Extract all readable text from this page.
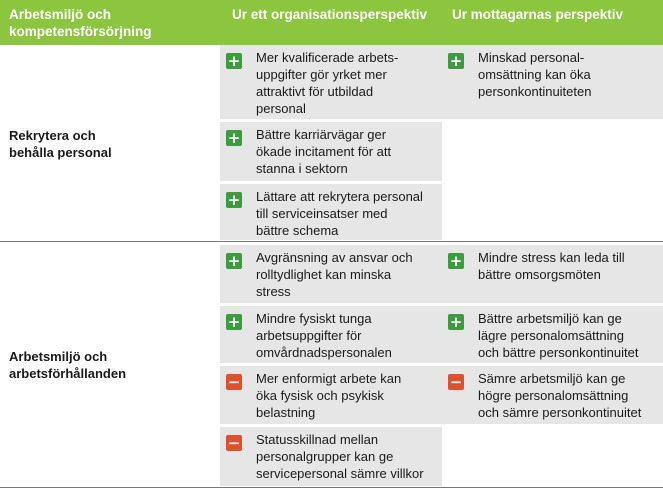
Arbetsmiljö och
kompetensförsörjning
Ur ett organisationsperspektiv Ur mottagarnas perspektiv
Rekrytera och
behålla personal
+ Mer kvalificerade arbets-
uppgifter gör yrket mer
attraktivt för utbildad
personal
+ Bättre karriärvägar ger
ökade incitament för att
stanna i sektorn
+ Lättare att rekrytera personal
till serviceinsatser med
bättre schema
+ Minskad personal-
omsättning kan öka
personkontinuiteten
Arbetsmiljö och
arbetsförhållanden
+ Avgränsning av ansvar och
rolltydlighet kan minska
stress
+ Mindre fysiskt tunga
arbetsuppgifter för
omvårdnadspersonalen
− Mer enformigt arbete kan
öka fysisk och psykisk
belastning
− Statusskillnad mellan
personalgrupper kan ge
servicepersonal sämre villkor
+ Mindre stress kan leda till
bättre omsorgsmöten
+ Bättre arbetsmiljö kan ge
lägre personalomsättning
och bättre personkontinuitet
− Sämre arbetsmiljö kan ge
högre personalomsättning
och sämre personkontinuitet
